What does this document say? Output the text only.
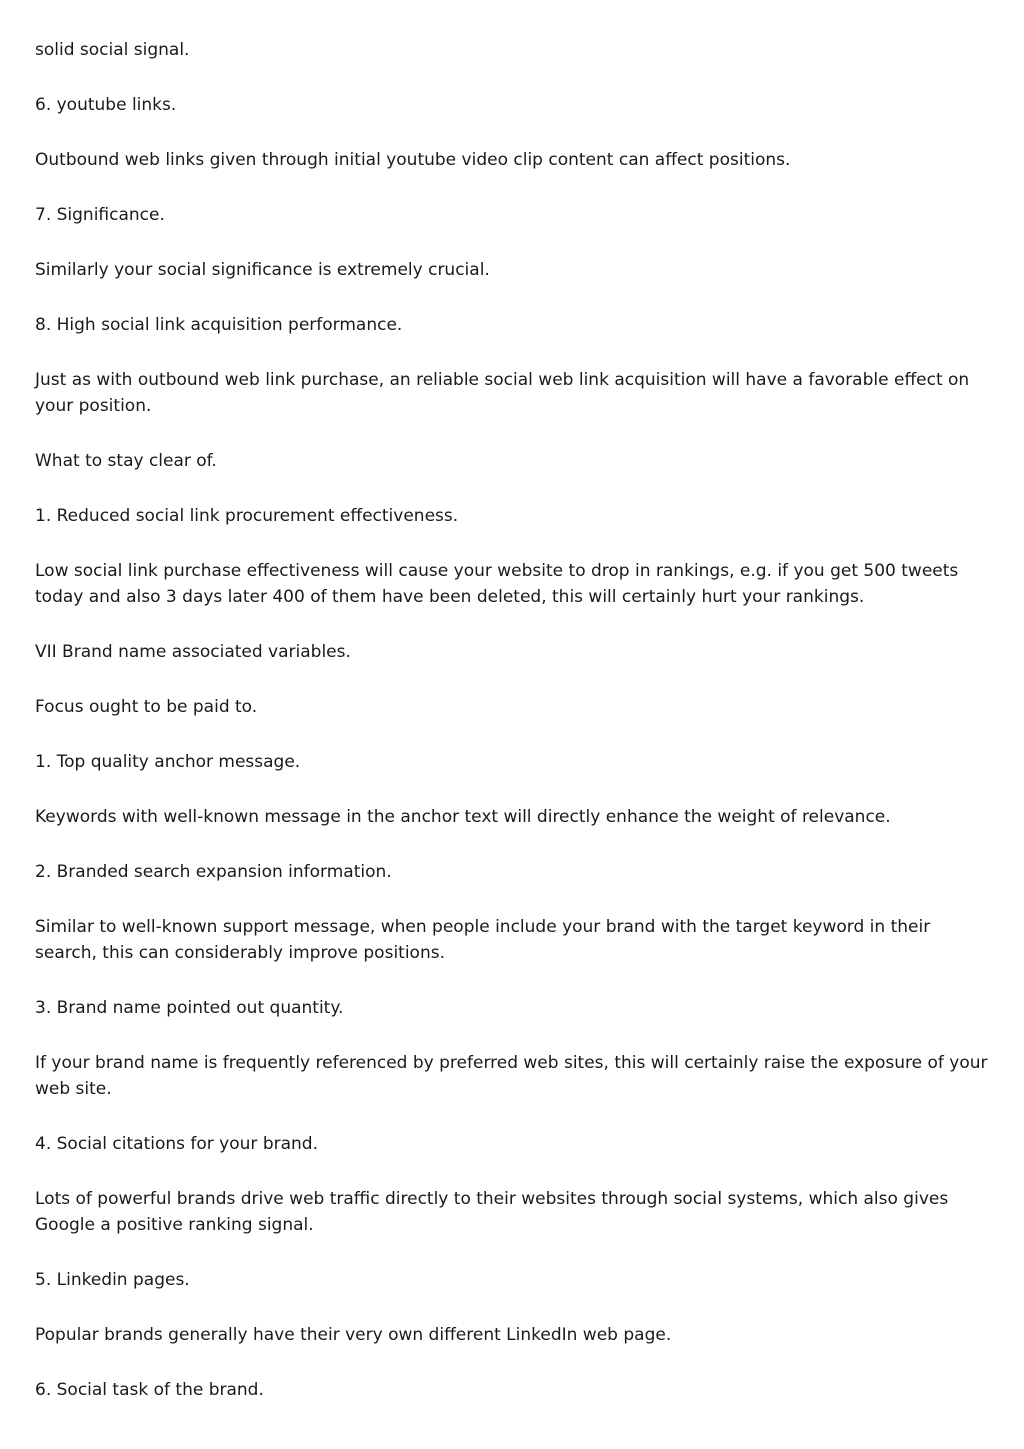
solid social signal.

6. youtube links.

Outbound web links given through initial youtube video clip content can affect positions.

7. Significance.

Similarly your social significance is extremely crucial.

8. High social link acquisition performance.

Just as with outbound web link purchase, an reliable social web link acquisition will have a favorable effect on your position.

What to stay clear of.

1. Reduced social link procurement effectiveness.

Low social link purchase effectiveness will cause your website to drop in rankings, e.g. if you get 500 tweets today and also 3 days later 400 of them have been deleted, this will certainly hurt your rankings.

VII Brand name associated variables.

Focus ought to be paid to.

1. Top quality anchor message.

Keywords with well-known message in the anchor text will directly enhance the weight of relevance.

2. Branded search expansion information.

Similar to well-known support message, when people include your brand with the target keyword in their search, this can considerably improve positions.

3. Brand name pointed out quantity.

If your brand name is frequently referenced by preferred web sites, this will certainly raise the exposure of your web site.

4. Social citations for your brand.

Lots of powerful brands drive web traffic directly to their websites through social systems, which also gives Google a positive ranking signal.

5. Linkedin pages.

Popular brands generally have their very own different LinkedIn web page.

6. Social task of the brand.
